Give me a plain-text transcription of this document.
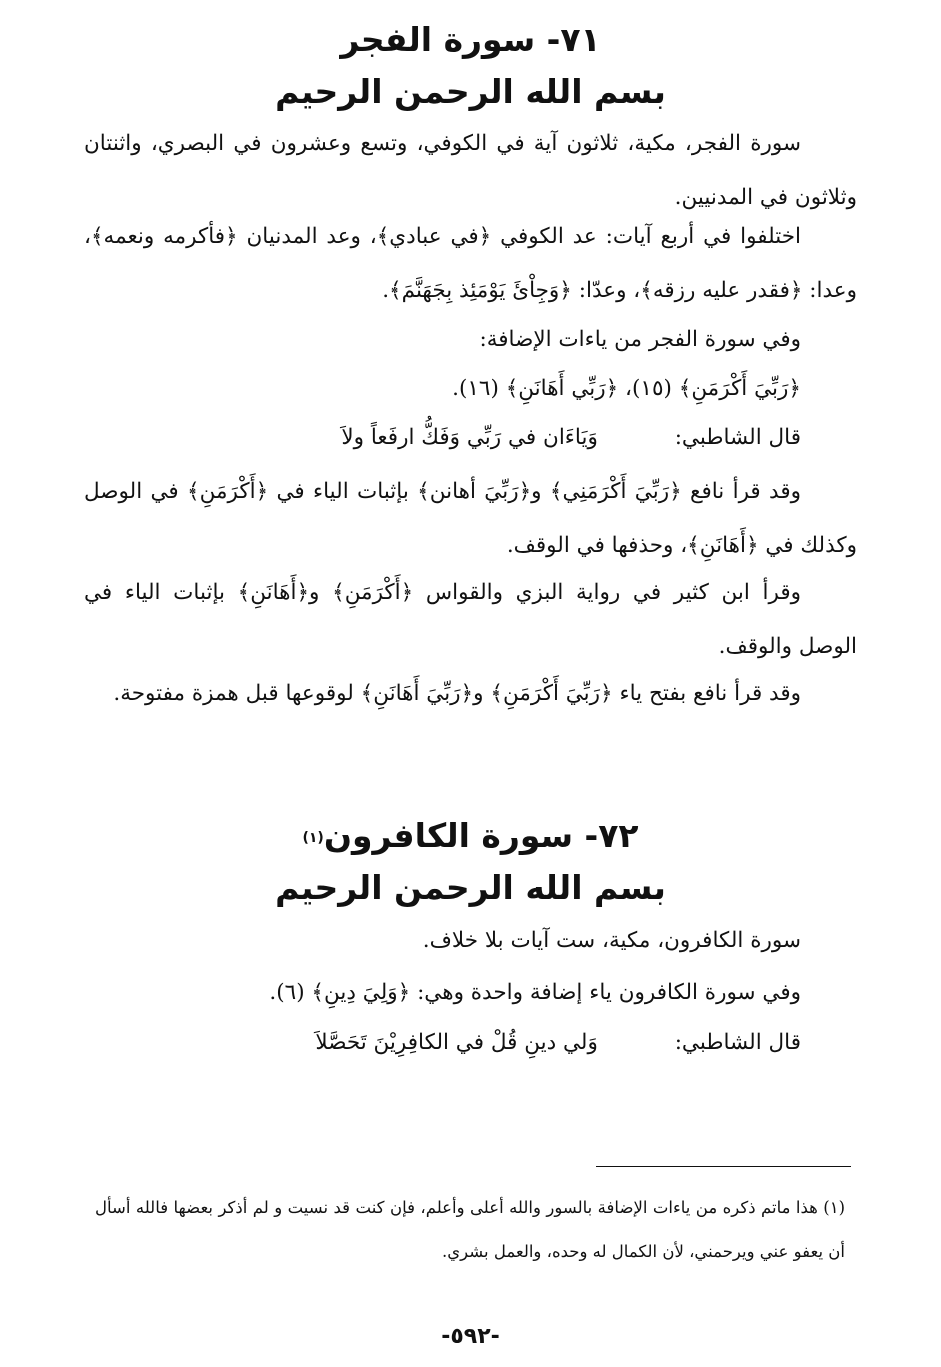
٧١- سورة الفجر
بسم الله الرحمن الرحيم
سورة الفجر، مكية، ثلاثون آية في الكوفي، وتسع وعشرون في البصري، واثنتان وثلاثون في المدنيين.
اختلفوا في أربع آيات: عد الكوفي ﴿في عبادي﴾، وعد المدنيان ﴿فأكرمه ونعمه﴾، وعدا: ﴿فقدر عليه رزقه﴾، وعدّا: ﴿وَجِاْئَ يَوْمَئِذ بِجَهَنَّمَ﴾.
وفي سورة الفجر من ياءات الإضافة:
﴿رَبِّيَ أَكْرَمَنِ﴾ (١٥)، ﴿رَبِّي أَهَانَنِ﴾ (١٦).
قال الشاطبي: وَيَاءَان في رَبِّي وَفَكُّ ارفَعاً ولاَ
وقد قرأ نافع ﴿رَبِّيَ أَكْرَمَنِي﴾ و﴿رَبِّيَ أهانن﴾ بإثبات الياء في ﴿أَكْرَمَنِ﴾ في الوصل وكذلك في ﴿أَهَانَنِ﴾، وحذفها في الوقف.
وقرأ ابن كثير في رواية البزي والقواس ﴿أَكْرَمَنِ﴾ و﴿أَهَانَنِ﴾ بإثبات الياء في الوصل والوقف.
وقد قرأ نافع بفتح ياء ﴿رَبِّيَ أَكْرَمَنِ﴾ و﴿رَبِّيَ أَهَانَنِ﴾ لوقوعها قبل همزة مفتوحة.
٧٢- سورة الكافرون$^{(١)}$
بسم الله الرحمن الرحيم
سورة الكافرون، مكية، ست آيات بلا خلاف.
وفي سورة الكافرون ياء إضافة واحدة وهي: ﴿وَلِيَ دِينِ﴾ (٦).
قال الشاطبي: وَلي دينِ قُلْ في الكافِرِيْنَ تَحَصَّلاَ
(١) هذا ماتم ذكره من ياءات الإضافة بالسور والله أعلى وأعلم، فإن كنت قد نسيت و لم أذكر بعضها فالله أسأل أن يعفو عني ويرحمني، لأن الكمال له وحده، والعمل بشري.
-٥٩٢-
